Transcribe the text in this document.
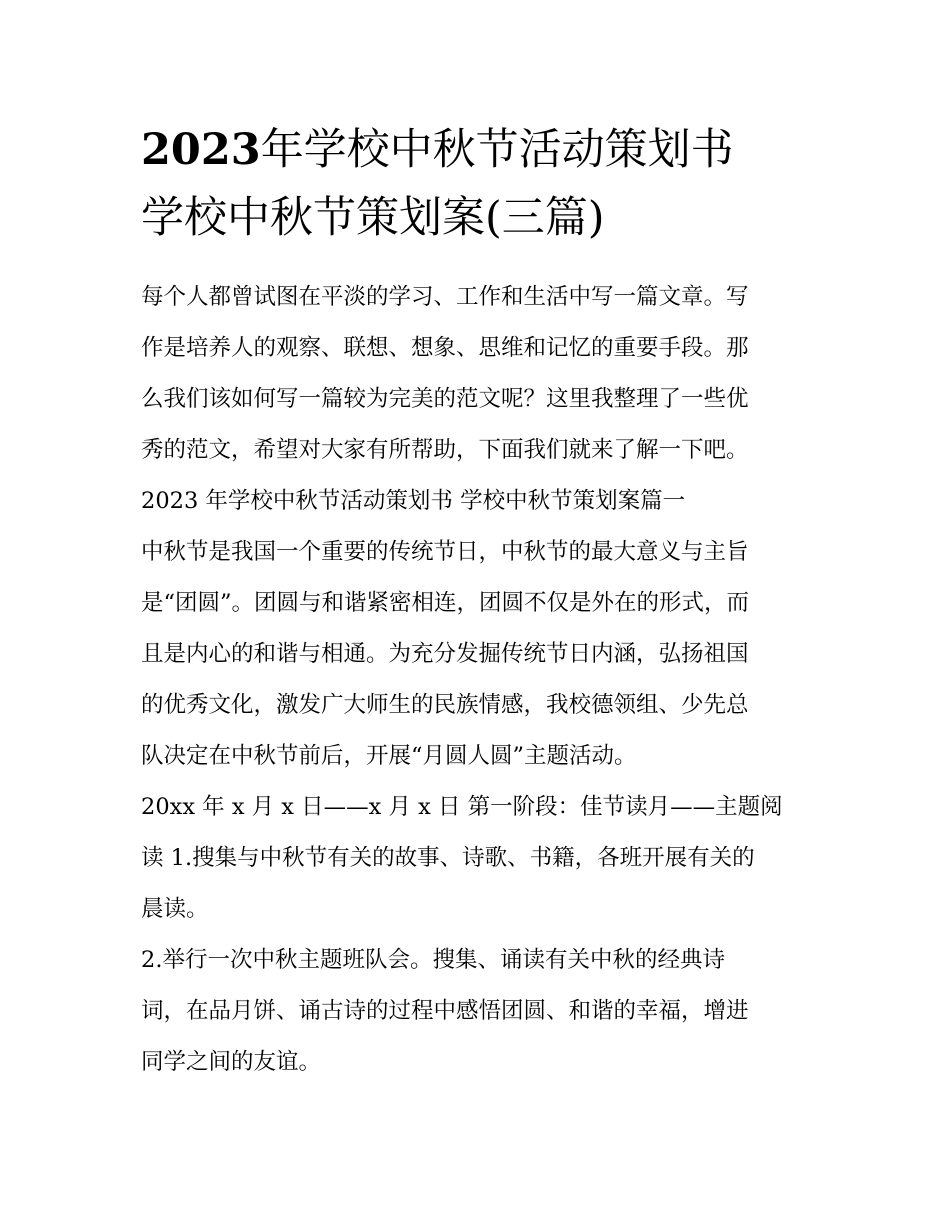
2023年学校中秋节活动策划书
学校中秋节策划案(三篇)

每个人都曾试图在平淡的学习、工作和生活中写一篇文章。写

作是培养人的观察、联想、想象、思维和记忆的重要手段。那

么我们该如何写一篇较为完美的范文呢？这里我整理了一些优

秀的范文，希望对大家有所帮助，下面我们就来了解一下吧。

2023 年学校中秋节活动策划书 学校中秋节策划案篇一

中秋节是我国一个重要的传统节日，中秋节的最大意义与主旨

是“团圆”。团圆与和谐紧密相连，团圆不仅是外在的形式，而

且是内心的和谐与相通。为充分发掘传统节日内涵，弘扬祖国

的优秀文化，激发广大师生的民族情感，我校德领组、少先总

队决定在中秋节前后，开展“月圆人圆”主题活动。

20xx 年 x 月 x 日——x 月 x 日 第一阶段：佳节读月——主题阅

读 1.搜集与中秋节有关的故事、诗歌、书籍，各班开展有关的

晨读。

2.举行一次中秋主题班队会。搜集、诵读有关中秋的经典诗

词，在品月饼、诵古诗的过程中感悟团圆、和谐的幸福，增进

同学之间的友谊。
